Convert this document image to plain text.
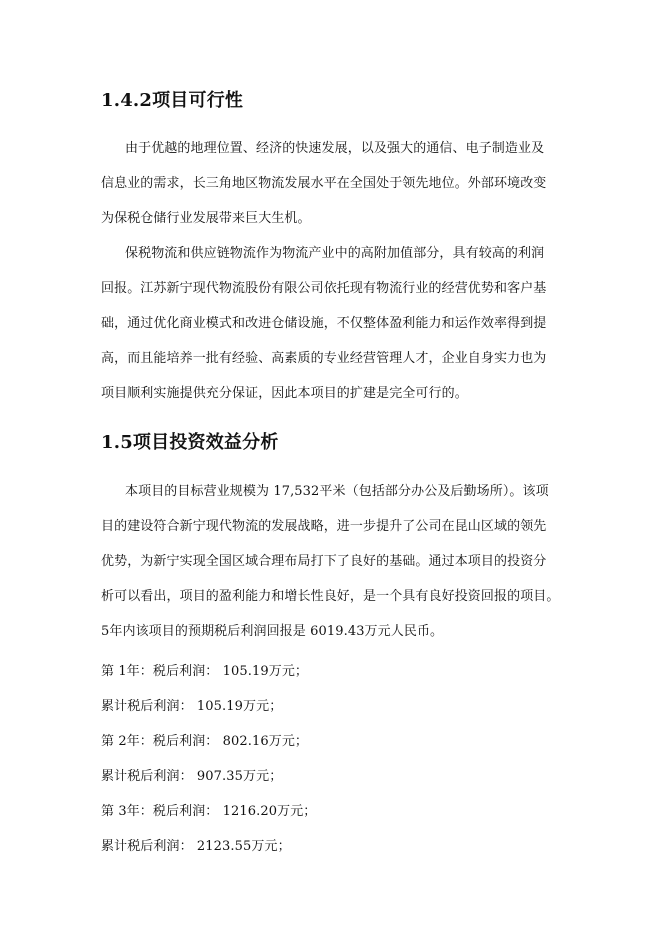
1.4.2项目可行性

由于优越的地理位置、经济的快速发展，以及强大的通信、电子制造业及

信息业的需求，长三角地区物流发展水平在全国处于领先地位。外部环境改变

为保税仓储行业发展带来巨大生机。

保税物流和供应链物流作为物流产业中的高附加值部分，具有较高的利润

回报。江苏新宁现代物流股份有限公司依托现有物流行业的经营优势和客户基

础，通过优化商业模式和改进仓储设施，不仅整体盈利能力和运作效率得到提

高，而且能培养一批有经验、高素质的专业经营管理人才，企业自身实力也为

项目顺利实施提供充分保证，因此本项目的扩建是完全可行的。

1.5项目投资效益分析

本项目的目标营业规模为 17,532平米（包括部分办公及后勤场所）。该项

目的建设符合新宁现代物流的发展战略，进一步提升了公司在昆山区域的领先

优势，为新宁实现全国区域合理布局打下了良好的基础。通过本项目的投资分

析可以看出，项目的盈利能力和增长性良好，是一个具有良好投资回报的项目。

5年内该项目的预期税后利润回报是 6019.43万元人民币。

第 1年：税后利润： 105.19万元；

累计税后利润： 105.19万元；

第 2年：税后利润： 802.16万元；

累计税后利润： 907.35万元；

第 3年：税后利润： 1216.20万元；

累计税后利润： 2123.55万元；
